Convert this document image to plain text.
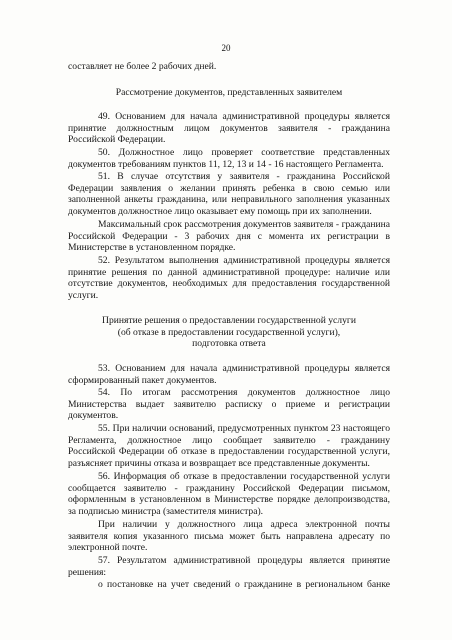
20
составляет не более 2 рабочих дней.
Рассмотрение документов, представленных заявителем
49. Основанием для начала административной процедуры является
принятие должностным лицом документов заявителя - гражданина
Российской Федерации.
50. Должностное лицо проверяет соответствие представленных
документов требованиям пунктов 11, 12, 13 и 14 - 16 настоящего Регламента.
51. В случае отсутствия у заявителя - гражданина Российской
Федерации заявления о желании принять ребенка в свою семью или
заполненной анкеты гражданина, или неправильного заполнения указанных
документов должностное лицо оказывает ему помощь при их заполнении.
Максимальный срок рассмотрения документов заявителя - гражданина
Российской Федерации - 3 рабочих дня с момента их регистрации в
Министерстве в установленном порядке.
52. Результатом выполнения административной процедуры является
принятие решения по данной административной процедуре: наличие или
отсутствие документов, необходимых для предоставления государственной
услуги.
Принятие решения о предоставлении государственной услуги
(об отказе в предоставлении государственной услуги),
подготовка ответа
53. Основанием для начала административной процедуры является
сформированный пакет документов.
54. По итогам рассмотрения документов должностное лицо
Министерства выдает заявителю расписку о приеме и регистрации
документов.
55. При наличии оснований, предусмотренных пунктом 23 настоящего
Регламента, должностное лицо сообщает заявителю - гражданину
Российской Федерации об отказе в предоставлении государственной услуги,
разъясняет причины отказа и возвращает все представленные документы.
56. Информация об отказе в предоставлении государственной услуги
сообщается заявителю - гражданину Российской Федерации письмом,
оформленным в установленном в Министерстве порядке делопроизводства,
за подписью министра (заместителя министра).
При наличии у должностного лица адреса электронной почты
заявителя копия указанного письма может быть направлена адресату по
электронной почте.
57. Результатом административной процедуры является принятие
решения:
о постановке на учет сведений о гражданине в региональном банке
